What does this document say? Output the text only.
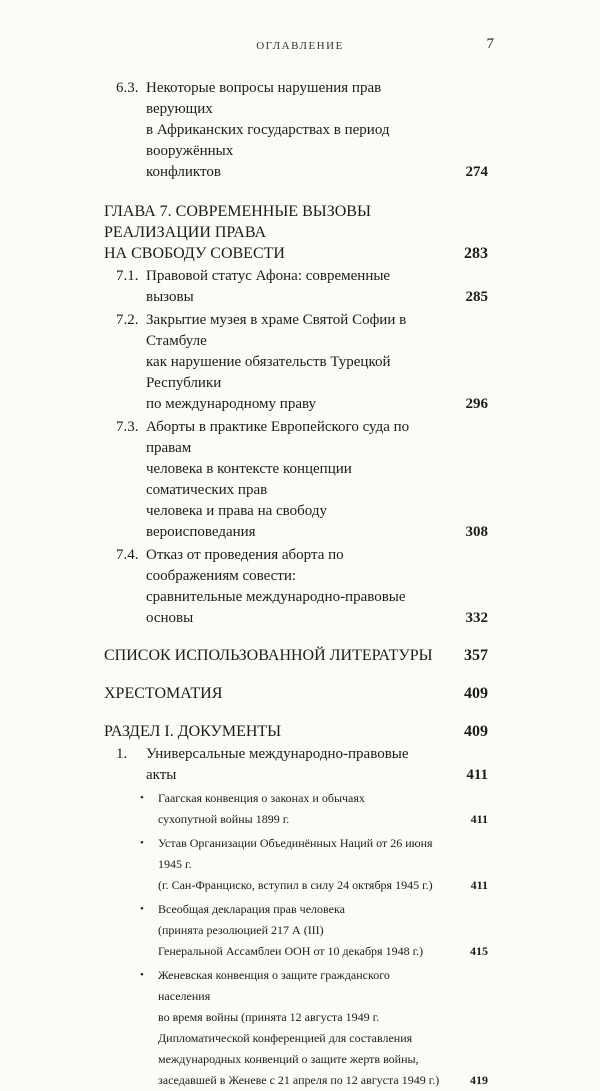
ОГЛАВЛЕНИЕ	7
6.3. Некоторые вопросы нарушения прав верующих
в Африканских государствах в период вооружённых
конфликтов	274
ГЛАВА 7. СОВРЕМЕННЫЕ ВЫЗОВЫ РЕАЛИЗАЦИИ ПРАВА
НА СВОБОДУ СОВЕСТИ	283
7.1. Правовой статус Афона: современные вызовы	285
7.2. Закрытие музея в храме Святой Софии в Стамбуле
как нарушение обязательств Турецкой Республики
по международному праву	296
7.3. Аборты в практике Европейского суда по правам
человека в контексте концепции соматических прав
человека и права на свободу вероисповедания	308
7.4. Отказ от проведения аборта по соображениям совести:
сравнительные международно-правовые основы	332
СПИСОК ИСПОЛЬЗОВАННОЙ ЛИТЕРАТУРЫ	357
ХРЕСТОМАТИЯ	409
РАЗДЕЛ I. ДОКУМЕНТЫ	409
1. Универсальные международно-правовые акты	411
• Гаагская конвенция о законах и обычаях
сухопутной войны 1899 г.	411
• Устав Организации Объединённых Наций от 26 июня 1945 г.
(г. Сан-Франциско, вступил в силу 24 октября 1945 г.)	411
• Всеобщая декларация прав человека
(принята резолюцией 217 А (III)
Генеральной Ассамблеи ООН от 10 декабря 1948 г.)	415
• Женевская конвенция о защите гражданского населения
во время войны (принята 12 августа 1949 г.
Дипломатической конференцией для составления
международных конвенций о защите жертв войны,
заседавшей в Женеве с 21 апреля по 12 августа 1949 г.)	419
